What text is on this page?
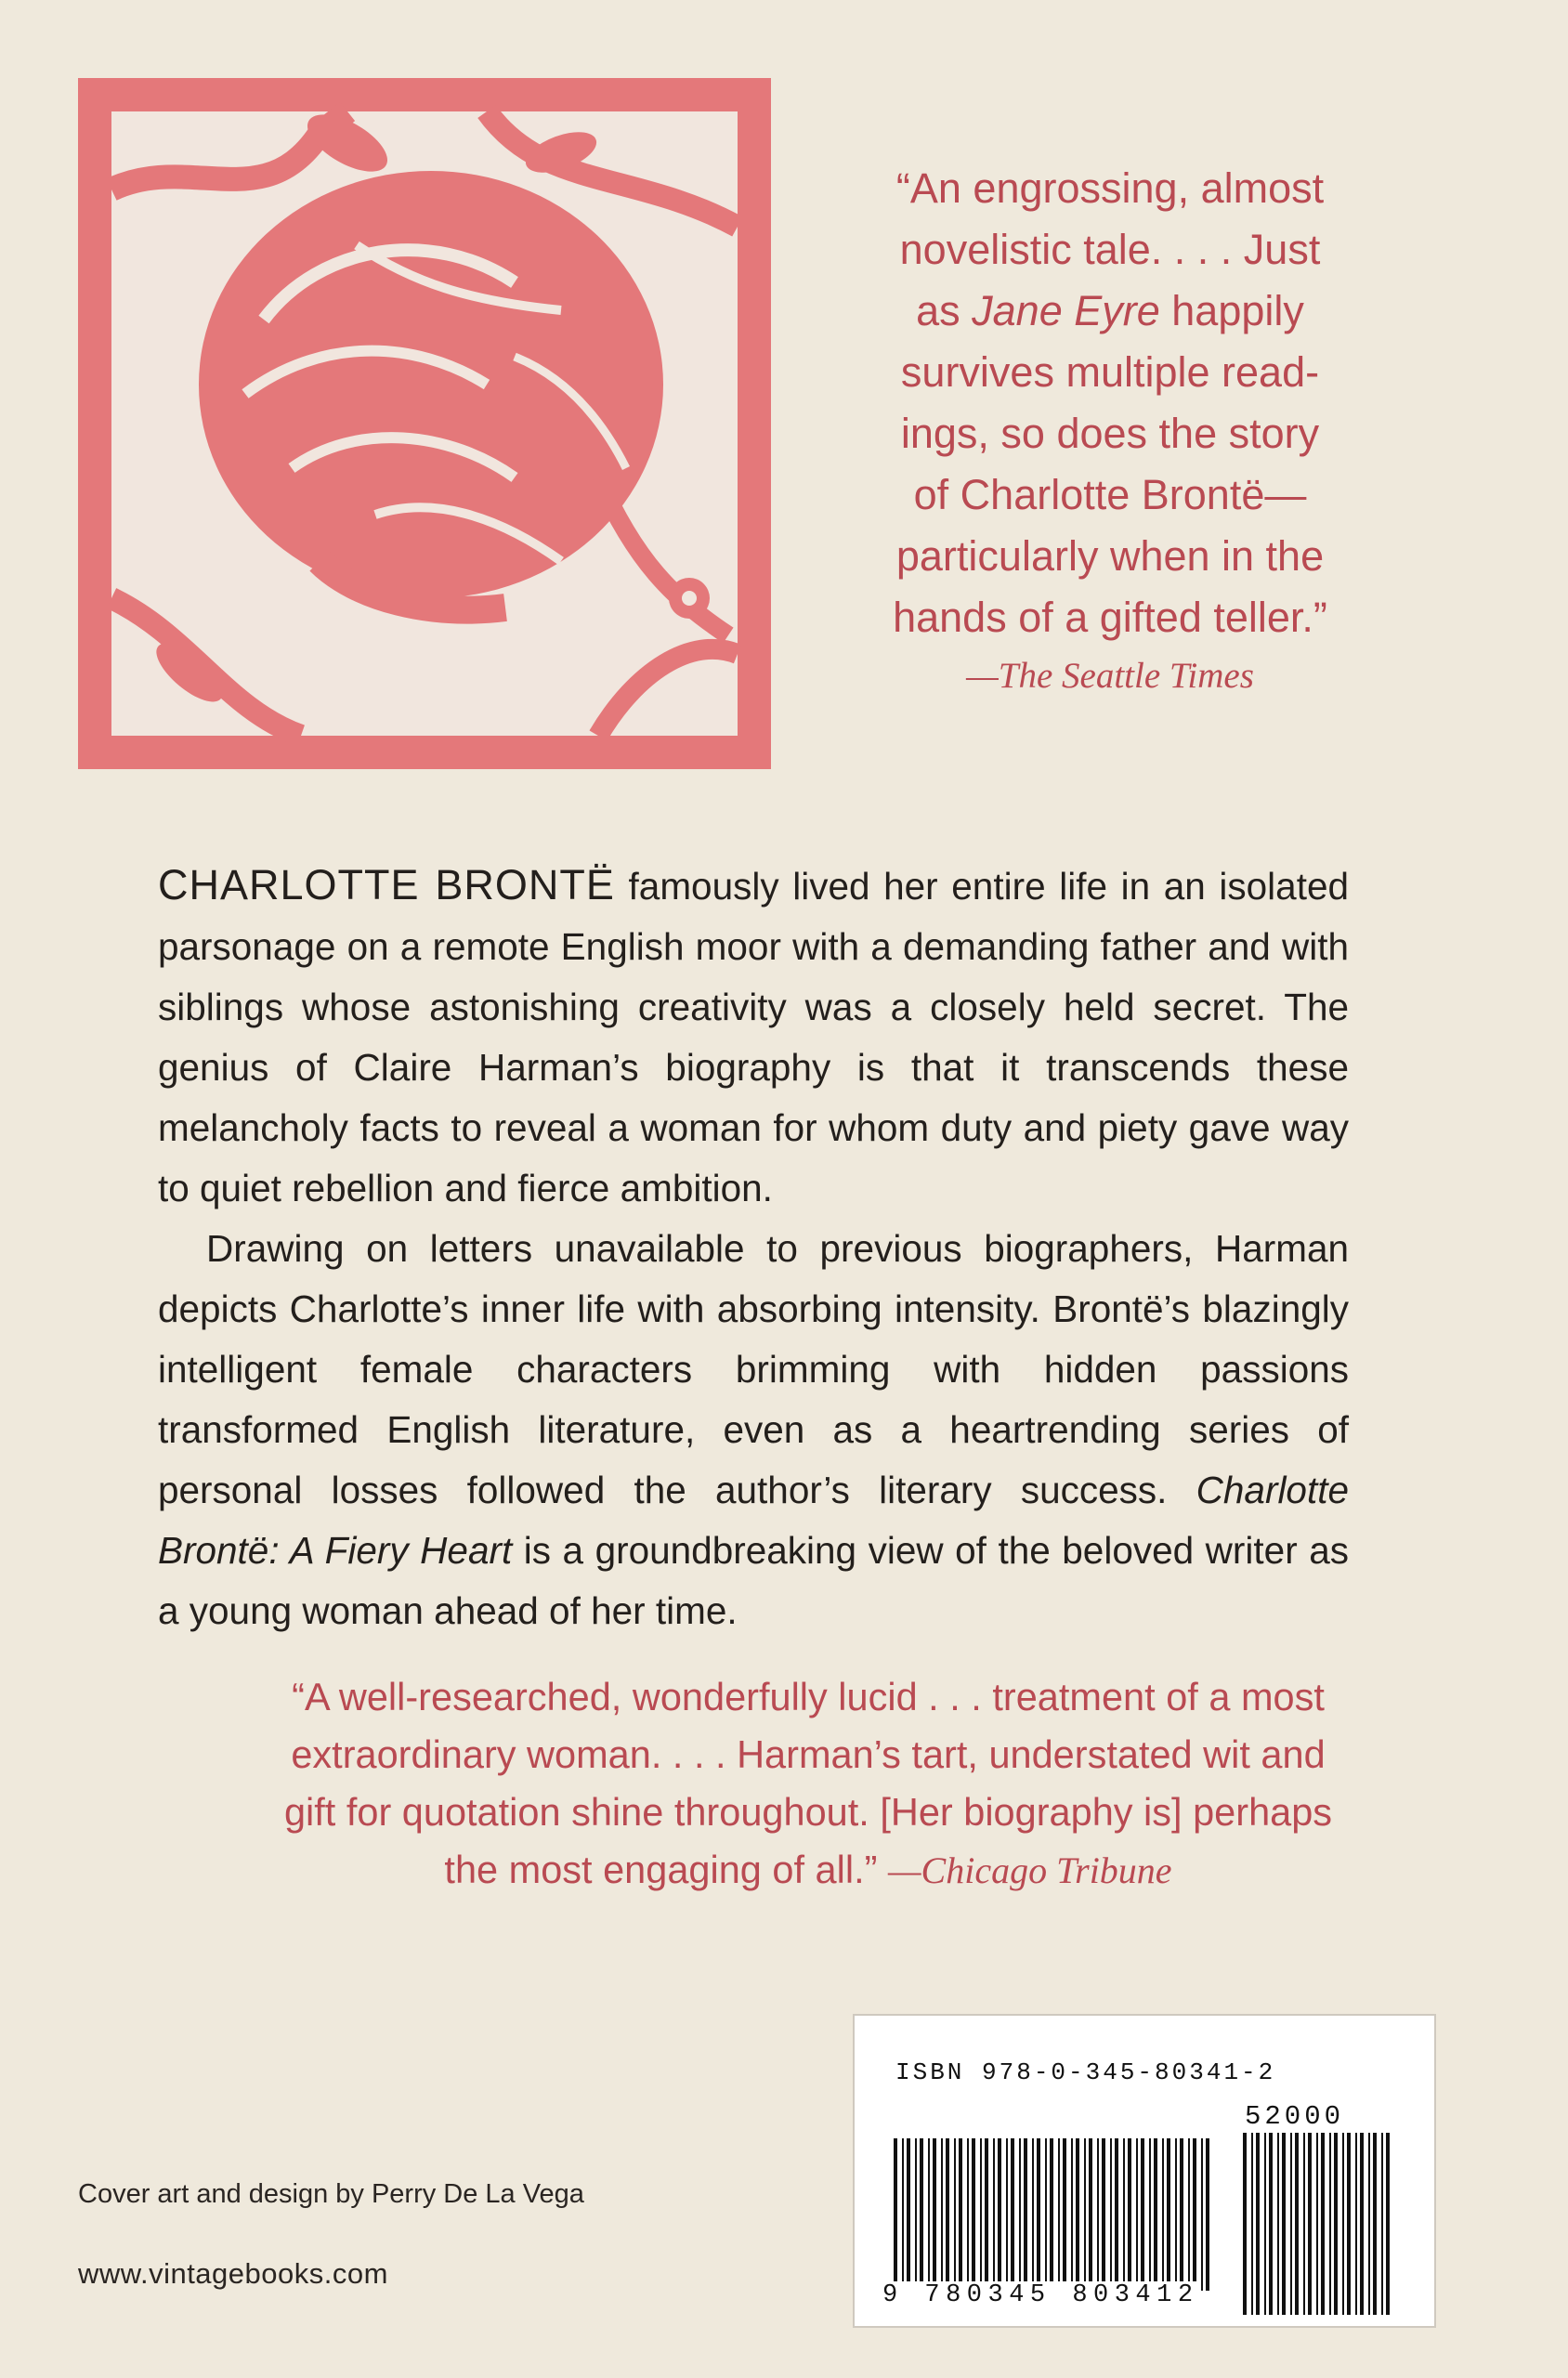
“An engrossing, almost
novelistic tale. . . . Just
as Jane Eyre happily
survives multiple read-
ings, so does the story
of Charlotte Brontë—
particularly when in the
hands of a gifted teller.”
—The Seattle Times

CHARLOTTE BRONTË famously lived her entire life in an isolated parsonage on a remote English moor with a demanding father and with siblings whose astonishing creativity was a closely held secret. The genius of Claire Harman’s biography is that it transcends these melancholy facts to reveal a woman for whom duty and piety gave way to quiet rebellion and fierce ambition.

Drawing on letters unavailable to previous biographers, Harman depicts Charlotte’s inner life with absorbing intensity. Brontë’s blazingly intelligent female characters brimming with hidden passions transformed English literature, even as a heartrending series of personal losses followed the author’s literary success. Charlotte Brontë: A Fiery Heart is a groundbreaking view of the beloved writer as a young woman ahead of her time.

“A well-researched, wonderfully lucid . . . treatment of a most
extraordinary woman. . . . Harman’s tart, understated wit and
gift for quotation shine throughout. [Her biography is] perhaps
the most engaging of all.” —Chicago Tribune
ISBN 978-0-345-80341-2
52000
9 780345 803412
Cover art and design by Perry De La Vega
www.vintagebooks.com
